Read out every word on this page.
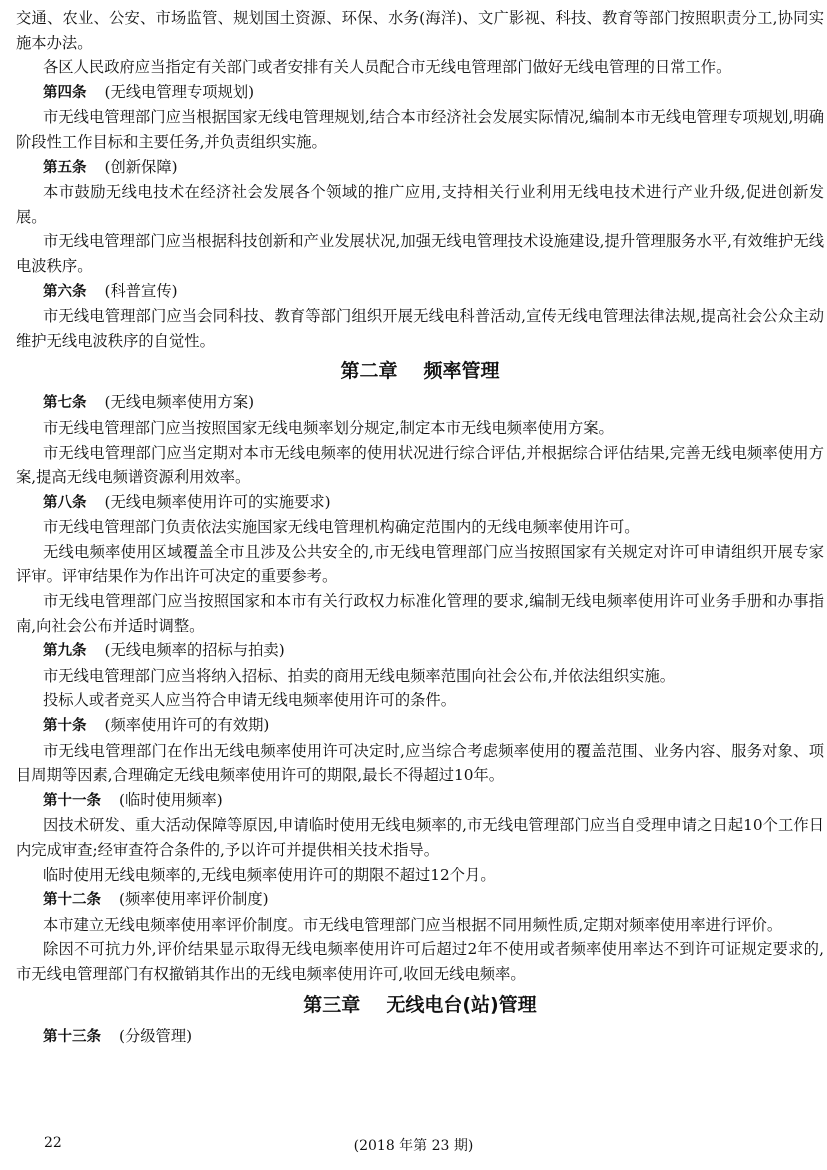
交通、农业、公安、市场监管、规划国土资源、环保、水务(海洋)、文广影视、科技、教育等部门按照职责分工,协同实施本办法。

各区人民政府应当指定有关部门或者安排有关人员配合市无线电管理部门做好无线电管理的日常工作。

第四条 (无线电管理专项规划)

市无线电管理部门应当根据国家无线电管理规划,结合本市经济社会发展实际情况,编制本市无线电管理专项规划,明确阶段性工作目标和主要任务,并负责组织实施。

第五条 (创新保障)

本市鼓励无线电技术在经济社会发展各个领域的推广应用,支持相关行业利用无线电技术进行产业升级,促进创新发展。

市无线电管理部门应当根据科技创新和产业发展状况,加强无线电管理技术设施建设,提升管理服务水平,有效维护无线电波秩序。

第六条 (科普宣传)

市无线电管理部门应当会同科技、教育等部门组织开展无线电科普活动,宣传无线电管理法律法规,提高社会公众主动维护无线电波秩序的自觉性。

第二章 频率管理

第七条 (无线电频率使用方案)

市无线电管理部门应当按照国家无线电频率划分规定,制定本市无线电频率使用方案。

市无线电管理部门应当定期对本市无线电频率的使用状况进行综合评估,并根据综合评估结果,完善无线电频率使用方案,提高无线电频谱资源利用效率。

第八条 (无线电频率使用许可的实施要求)

市无线电管理部门负责依法实施国家无线电管理机构确定范围内的无线电频率使用许可。

无线电频率使用区域覆盖全市且涉及公共安全的,市无线电管理部门应当按照国家有关规定对许可申请组织开展专家评审。评审结果作为作出许可决定的重要参考。

市无线电管理部门应当按照国家和本市有关行政权力标准化管理的要求,编制无线电频率使用许可业务手册和办事指南,向社会公布并适时调整。

第九条 (无线电频率的招标与拍卖)

市无线电管理部门应当将纳入招标、拍卖的商用无线电频率范围向社会公布,并依法组织实施。

投标人或者竞买人应当符合申请无线电频率使用许可的条件。

第十条 (频率使用许可的有效期)

市无线电管理部门在作出无线电频率使用许可决定时,应当综合考虑频率使用的覆盖范围、业务内容、服务对象、项目周期等因素,合理确定无线电频率使用许可的期限,最长不得超过10年。

第十一条 (临时使用频率)

因技术研发、重大活动保障等原因,申请临时使用无线电频率的,市无线电管理部门应当自受理申请之日起10个工作日内完成审查;经审查符合条件的,予以许可并提供相关技术指导。

临时使用无线电频率的,无线电频率使用许可的期限不超过12个月。

第十二条 (频率使用率评价制度)

本市建立无线电频率使用率评价制度。市无线电管理部门应当根据不同用频性质,定期对频率使用率进行评价。

除因不可抗力外,评价结果显示取得无线电频率使用许可后超过2年不使用或者频率使用率达不到许可证规定要求的,市无线电管理部门有权撤销其作出的无线电频率使用许可,收回无线电频率。

第三章 无线电台(站)管理

第十三条 (分级管理)

22	(2018 年第 23 期)
